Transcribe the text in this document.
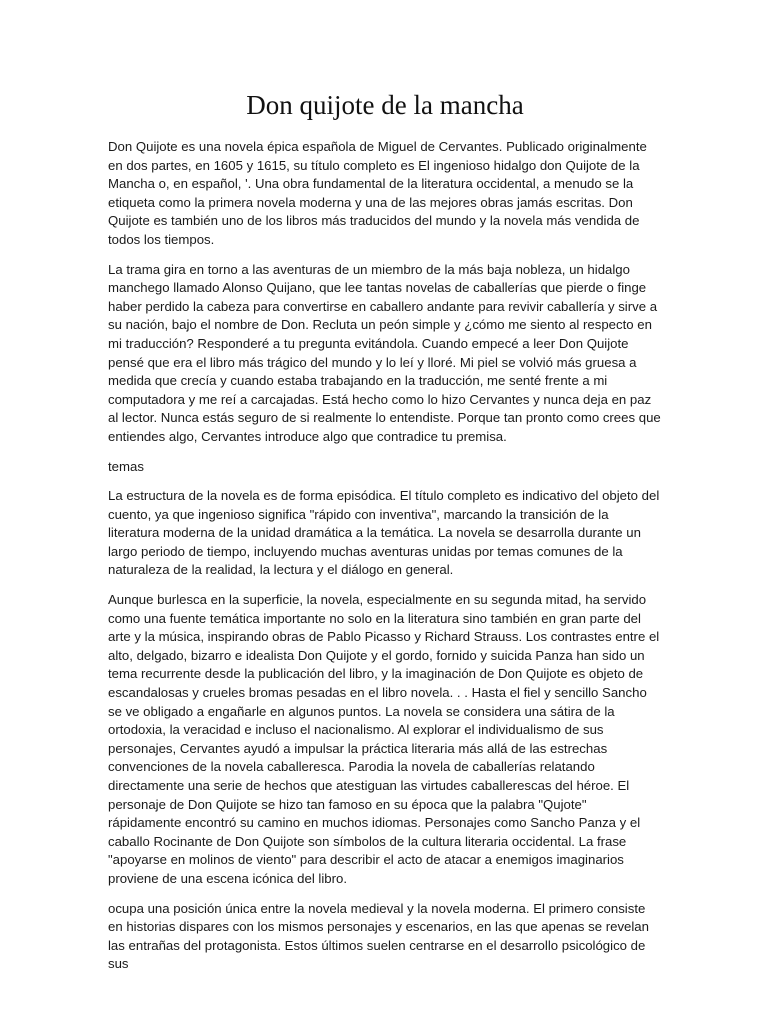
Don quijote de la mancha

Don Quijote es una novela épica española de Miguel de Cervantes. Publicado originalmente en dos partes, en 1605 y 1615, su título completo es El ingenioso hidalgo don Quijote de la Mancha o, en español, '. Una obra fundamental de la literatura occidental, a menudo se la etiqueta como la primera novela moderna y una de las mejores obras jamás escritas. Don Quijote es también uno de los libros más traducidos del mundo y la novela más vendida de todos los tiempos.

La trama gira en torno a las aventuras de un miembro de la más baja nobleza, un hidalgo manchego llamado Alonso Quijano, que lee tantas novelas de caballerías que pierde o finge haber perdido la cabeza para convertirse en caballero andante para revivir caballería y sirve a su nación, bajo el nombre de Don. Recluta un peón simple y ¿cómo me siento al respecto en mi traducción? Responderé a tu pregunta evitándola. Cuando empecé a leer Don Quijote pensé que era el libro más trágico del mundo y lo leí y lloré. Mi piel se volvió más gruesa a medida que crecía y cuando estaba trabajando en la traducción, me senté frente a mi computadora y me reí a carcajadas. Está hecho como lo hizo Cervantes y nunca deja en paz al lector. Nunca estás seguro de si realmente lo entendiste. Porque tan pronto como crees que entiendes algo, Cervantes introduce algo que contradice tu premisa.

temas

La estructura de la novela es de forma episódica. El título completo es indicativo del objeto del cuento, ya que ingenioso significa "rápido con inventiva", marcando la transición de la literatura moderna de la unidad dramática a la temática. La novela se desarrolla durante un largo periodo de tiempo, incluyendo muchas aventuras unidas por temas comunes de la naturaleza de la realidad, la lectura y el diálogo en general.

Aunque burlesca en la superficie, la novela, especialmente en su segunda mitad, ha servido como una fuente temática importante no solo en la literatura sino también en gran parte del arte y la música, inspirando obras de Pablo Picasso y Richard Strauss. Los contrastes entre el alto, delgado, bizarro e idealista Don Quijote y el gordo, fornido y suicida Panza han sido un tema recurrente desde la publicación del libro, y la imaginación de Don Quijote es objeto de escandalosas y crueles bromas pesadas en el libro novela. . . Hasta el fiel y sencillo Sancho se ve obligado a engañarle en algunos puntos. La novela se considera una sátira de la ortodoxia, la veracidad e incluso el nacionalismo. Al explorar el individualismo de sus personajes, Cervantes ayudó a impulsar la práctica literaria más allá de las estrechas convenciones de la novela caballeresca. Parodia la novela de caballerías relatando directamente una serie de hechos que atestiguan las virtudes caballerescas del héroe. El personaje de Don Quijote se hizo tan famoso en su época que la palabra "Qujote" rápidamente encontró su camino en muchos idiomas. Personajes como Sancho Panza y el caballo Rocinante de Don Quijote son símbolos de la cultura literaria occidental. La frase "apoyarse en molinos de viento" para describir el acto de atacar a enemigos imaginarios proviene de una escena icónica del libro.

ocupa una posición única entre la novela medieval y la novela moderna. El primero consiste en historias dispares con los mismos personajes y escenarios, en las que apenas se revelan las entrañas del protagonista. Estos últimos suelen centrarse en el desarrollo psicológico de sus
